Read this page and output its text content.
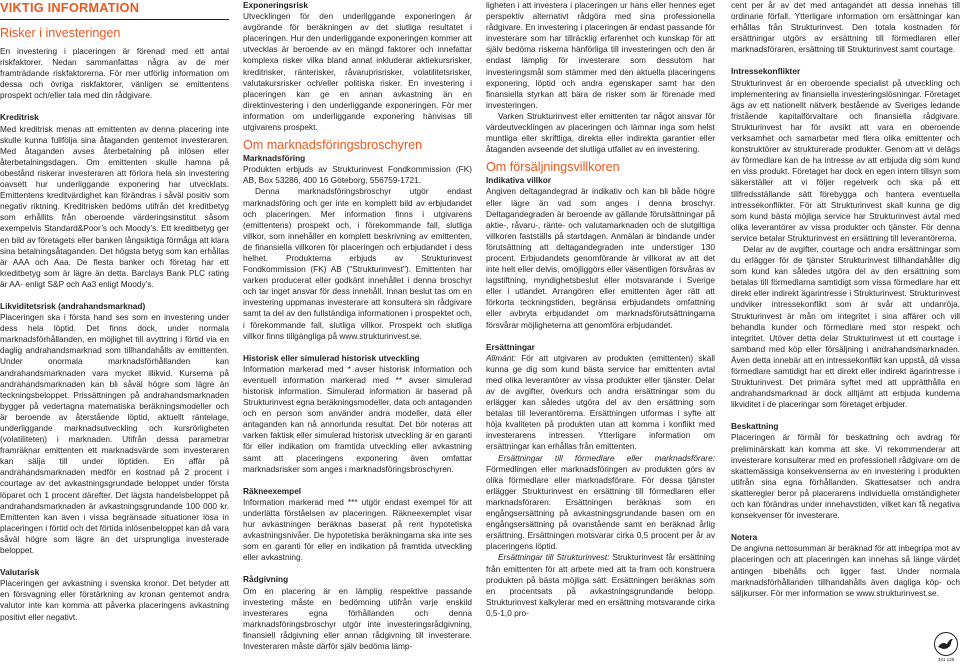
VIKTIG INFORMATION

Risker i investeringen

En investering i placeringen är förenad med ett antal riskfaktorer. Nedan sammanfattas några av de mer framträdande riskfaktorerna. För mer utförlig information om dessa och övriga riskfaktorer, vänligen se emittentens prospekt och/eller tala med din rådgivare.

Kreditrisk

Med kreditrisk menas att emittenten av denna placering inte skulle kunna fullfölja sina åtaganden gentemot investeraren. Med åtaganden avses återbetalning på inlösen eller återbetalningsdagen. Om emittenten skulle hamna på obestånd riskerar investeraren att förlora hela sin investering oavsett hur underliggande exponering har utvecklats. Emittentens kreditvärdighet kan förändras i såväl positiv som negativ riktning. Kreditrisken bedöms utifrån det kreditbetyg som erhållits från oberoende värderingsinstitut såsom exempelvis Standard&Poor’s och Moody’s. Ett kreditbetyg ger en bild av företagets eller banken långsiktiga förmåga att klara sina betalningsåtaganden. Det högsta betyg som kan erhållas är AAA och Aaa. De flesta banker och företag har ett kreditbetyg som är lägre än detta. Barclays Bank PLC rating är AA- enligt S&P och Aa3 enligt Moody’s.

Likviditetsrisk (andrahandsmarknad)

Placeringen ska i första hand ses som en investering under dess hela löptid. Det finns dock, under normala marknadsförhållanden, en möjlighet till avyttring i förtid via en daglig andrahandsmarknad som tillhandahålls av emittenten. Under onormala marknadsförhållanden kan andrahandsmarknaden vara mycket illikvid. Kurserna på andrahandsmarknaden kan bli såväl högre som lägre än teckningsbeloppet. Prissättningen på andrahandsmarknaden bygger på vedertagna matematiska beräkningsmodeller och är beroende av återstående löptid, aktuellt räntelage, underliggande marknadsutveckling och kursrörligheten (volatiliteten) i marknaden. Utifrån dessa parametrar framräknar emittenten ett marknadsvärde som investeraren kan sälja till under löptiden. En affär på andrahandsmarknaden medför en kostnad på 2 procent i courtage av det avkastningsgrundade beloppet under första löparet och 1 procent därefter. Det lägsta handelsbeloppet på andrahandsmarknaden är avkastningsgrundande 100 000 kr. Emittenten kan även i vissa begränsade situationer lösa in placeringen i förtid och det förtida inlösenbeloppet kan då vara såväl högre som lägre än det ursprungliga investerade beloppet.

Valutarisk

Placeringen ger avkastning i svenska kronor. Det betyder att en försvagning eller förstärkning av kronan gentemot andra valutor inte kan komma att påverka placeringens avkastning positivt eller negativt.

Exponeringsrisk

Utvecklingen för den underliggande exponeringen är avgörande för beräkningen av det slutliga resultatet i placeringen. Hur den underliggande exponeringen kommer att utvecklas är beroende av en mängd faktorer och innefattar komplexa risker vilka bland annat inkluderar aktiekursrisker, kreditrisker, ränterisker, råvaruprisrisker, volatilitetsrisker, valutakursrisker och/eller politiska risker. En investering i placeringen kan ge en annan avkastning än en direktinvestering i den underliggande exponeringen. För mer information om underliggande exponering hänvisas till utgivarens prospekt.

Om marknadsföringsbroschyren

Marknadsföring

Produkten erbjuds av Strukturinvest Fondkommission (FK) AB, Box 53286, 400 16 Göteborg, 556759-1721.

Denna marknadsföringsbroschyr utgör endast marknadsföring och ger inte en komplett bild av erbjudandet och placeringen. Mer information finns i utgivarens (emittentens) prospekt och, i förekommande fall, slutliga villkor, som innehåller en komplett beskrivning av emittenten, de finansiella villkoren för placeringen och erbjudandet i dess helhet. Produkterna erbjuds av Strukturinvest Fondkommission (FK) AB ("Strukturinvest"). Emittenten har varken producerat eller godkänt innehållet i denna broschyr och tar inget ansvar för dess innehåll. Innan beslut tas om en investering uppmanas investerare att konsultera sin rådgivare samt ta del av den fullständiga informationen i prospektet och, i förekommande fall, slutliga villkor. Prospekt och slutliga villkor finns tillgängliga på www.strukturinvest.se.

Historisk eller simulerad historisk utveckling

Information markerad med * avser historisk information och eventuell information markerad med ** avser simulerad historisk information. Simulerad information är baserad på Strukturinvest egna beräkningsmodeller, data och antaganden och en person som använder andra modeller, data eller antaganden kan nå annorlunda resultat. Det bör noteras att varken faktisk eller simulerad historisk utveckling är en garanti för eller indikation om framtida utveckling eller avkastning samt att placeringens exponering även omfattar marknadsrisker som anges i marknadsföringsbroschyren.

Räkneexempel

Information markerad med *** utgör endast exempel för att underlätta förståelsen av placeringen. Räkneexemplet visar hur avkastningen beräknas baserat på rent hypotetiska avkastningsnivåer. De hypotetiska beräkningarna ska inte ses som en garanti för eller en indikation på framtida utveckling eller avkastning.

Rådgivning

Om en placering är en lämplig respektive passande investering måste en bedömning utifrån varje enskild investerares egna förhållanden och denna marknadsföringsbroschyr utgör inte investeringsrådgivning, finansiell rådgivning eller annan rådgivning till investerare. Investeraren måste därför själv bedöma lämp-

ligheten i att investera i placeringen ur hans eller hennes eget perspektiv alternativt rådgöra med sina professionella rådgivare. En investering i placeringen är endast passande för investerare som har tillräcklig erfarenhet och kunskap för att själv bedöma riskerna hänförliga till investeringen och den är endast lämplig för investerare som dessutom har investeringsmål som stämmer med den aktuella placeringens exponering, löptid och andra egenskaper samt har den finansiella styrkan att bära de risker som är förenade med investeringen.

Varken Strukturinvest eller emittenten tar något ansvar för värdeutvecklingen av placeringen och lämnar inga som helst muntliga eller skriftliga, direkta eller indirekta garantier eller åtaganden avseende det slutliga utfallet av en investering.

Om försäljningsvillkoren

Indikativa villkor

Angiven deltagandegrad är indikativ och kan bli både högre eller lägre än vad som anges i denna broschyr. Deltagandegraden är beroende av gällande förutsättningar på aktie-, råvaru-, ränte- och valutamarknaden och de slutgiltiga villkoren fastställs på startdagen. Anmälan är bindande under förutsättning att deltagandegraden inte understiger 130 procent. Erbjudandets genomförande är villkorat av att det inte helt eller delvis, omöjliggörs eller väsentligen försvåras av lagstiftning, myndighetsbeslut eller motsvarande i Sverige eller i utlandet. Arrangören eller emittenten äger rätt att förkorta teckningstiden, begränsa erbjudandets omfattning eller avbryta erbjudandet om marknadsförutsättningarna försvårar möjligheterna att genomföra erbjudandet.

Ersättningar

Allmänt: För att utgivaren av produkten (emittenten) skall kunna ge dig som kund bästa service har emittenten avtal med olika leverantörer av vissa produkter eller tjänster. Delar av de avgifter, överkurs och andra ersättningar som du erlägger kan således utgöra del av den ersättning som betalas till leverantörerna. Ersättningen utformas i syfte att höja kvaliteten på produkten utan att komma i konflikt med investerarens intressen. Ytterligare information om ersättningar kan erhållas från emittenten.

Ersättningar till förmedlare eller marknadsförare: Förmedlingen eller marknadsföringen av produkten görs av olika förmedlare eller marknadsförare. För dessa tjänster erlägger Strukturinvest en ersättning till förmedlaren eller marknadsföraren. Ersättningen beräknas som en engångsersättning på avkastningsgrundande basen om en engångsersättning på ovanstående samt en beräknad årlig ersättning. Ersättningen motsvarar cirka 0,5 procent per år av placeringens löptid.

Ersättningar till Strukturinvest: Strukturinvest får ersättning från emittenten för att arbete med att ta fram och konstruera produkten på bästa möjliga sätt. Ersättningen beräknas som en procentsats på avkastningsgrundande belopp. Strukturinvest kalkylerar med en ersättning motsvarande cirka 0,5-1,0 pro-

cent per år av det med antagandet att dessa innehas till ordinarie förfall. Ytterligare information om ersättningar kan erhållas från Strukturinvest. Den totala kostnaden för ersättningar utgörs av ersättning till förmedlaren eller marknadsföraren, ersättning till Strukturinvest samt courtage.

Intressekonflikter

Strukturinvest är en oberoende specialist på utveckling och implementering av finansiella investeringslösningar. Företaget ägs av ett nationellt nätverk bestående av Sveriges ledande fristående kapitalförvaltare och finansiella rådgivare. Strukturinvest har för avsikt att vara en oberoende verksamhet och samarbetar med flera olika emittenter och konstruktörer av strukturerade produkter. Genom att vi delägs av förmedlare kan de ha intresse av att erbjuda dig som kund en viss produkt. Företaget har dock en egen intern tillsyn som säkerställer att vi följer regelverk och ska på ett tillfredsställande sätt förebygga och hantera eventuella intressekonflikter. För att Strukturinvest skall kunna ge dig som kund bästa möjliga service har Strukturinvest avtal med olika leverantörer av vissa produkter och tjänster. För denna service betalar Strukturinvest en ersättning till leverantörerna.

Delar av de avgifter, courtage och andra ersättningar som du erlägger för de tjänster Strukturinvest tillhandahåller dig som kund kan således utgöra del av den ersättning som betalas till förmedlarna samtidigt som vissa förmedlare har ett direkt eller indirekt ägarintresse i Strukturinvest. Strukturinvest undviker intressekonflikt som är svår att undanröja. Strukturinvest är mån om integritet i sina affärer och vill behandla kunder och förmedlare med stor respekt och integritet. Utöver detta delar Strukturinvest ut ett courtage i samband med köp eller försäljning i andrahandsmarknaden. Även detta innebär att en intressekonflikt kan uppstå, då vissa förmedlare samtidigt har ett direkt eller indirekt ägarintresse i Strukturinvest. Det primära syftet med att upprätthålla en andrahandsmarknad är dock alltjämt att erbjuda kunderna likviditet i de placeringar som företaget erbjuder.

Beskattning

Placeringen är förmål för beskattning och avdrag för preliminärskatt kan komma att ske. Vi rekommenderar att investerare konsulterar med en professionell rådgivare om de skattemässiga konsekvenserna av en investering i produkten utifrån sina egna förhållanden. Skattesatser och andra skatteregler beror på placerarens individuella omständigheter och kan förändras under innehavstiden, vilket kan få negativa konsekvenser för investerare.

Notera

De angivna nettosumman är beräknad för att inbegripa mot av placeringen och att placeringen kan innehas så länge värdet antingen bibehålls och ligger fast. Under normala marknadsförhållanden tillhandahålls även dagliga köp- och säljkurser. För mer information se www.strukturinvest.se.

341 129
